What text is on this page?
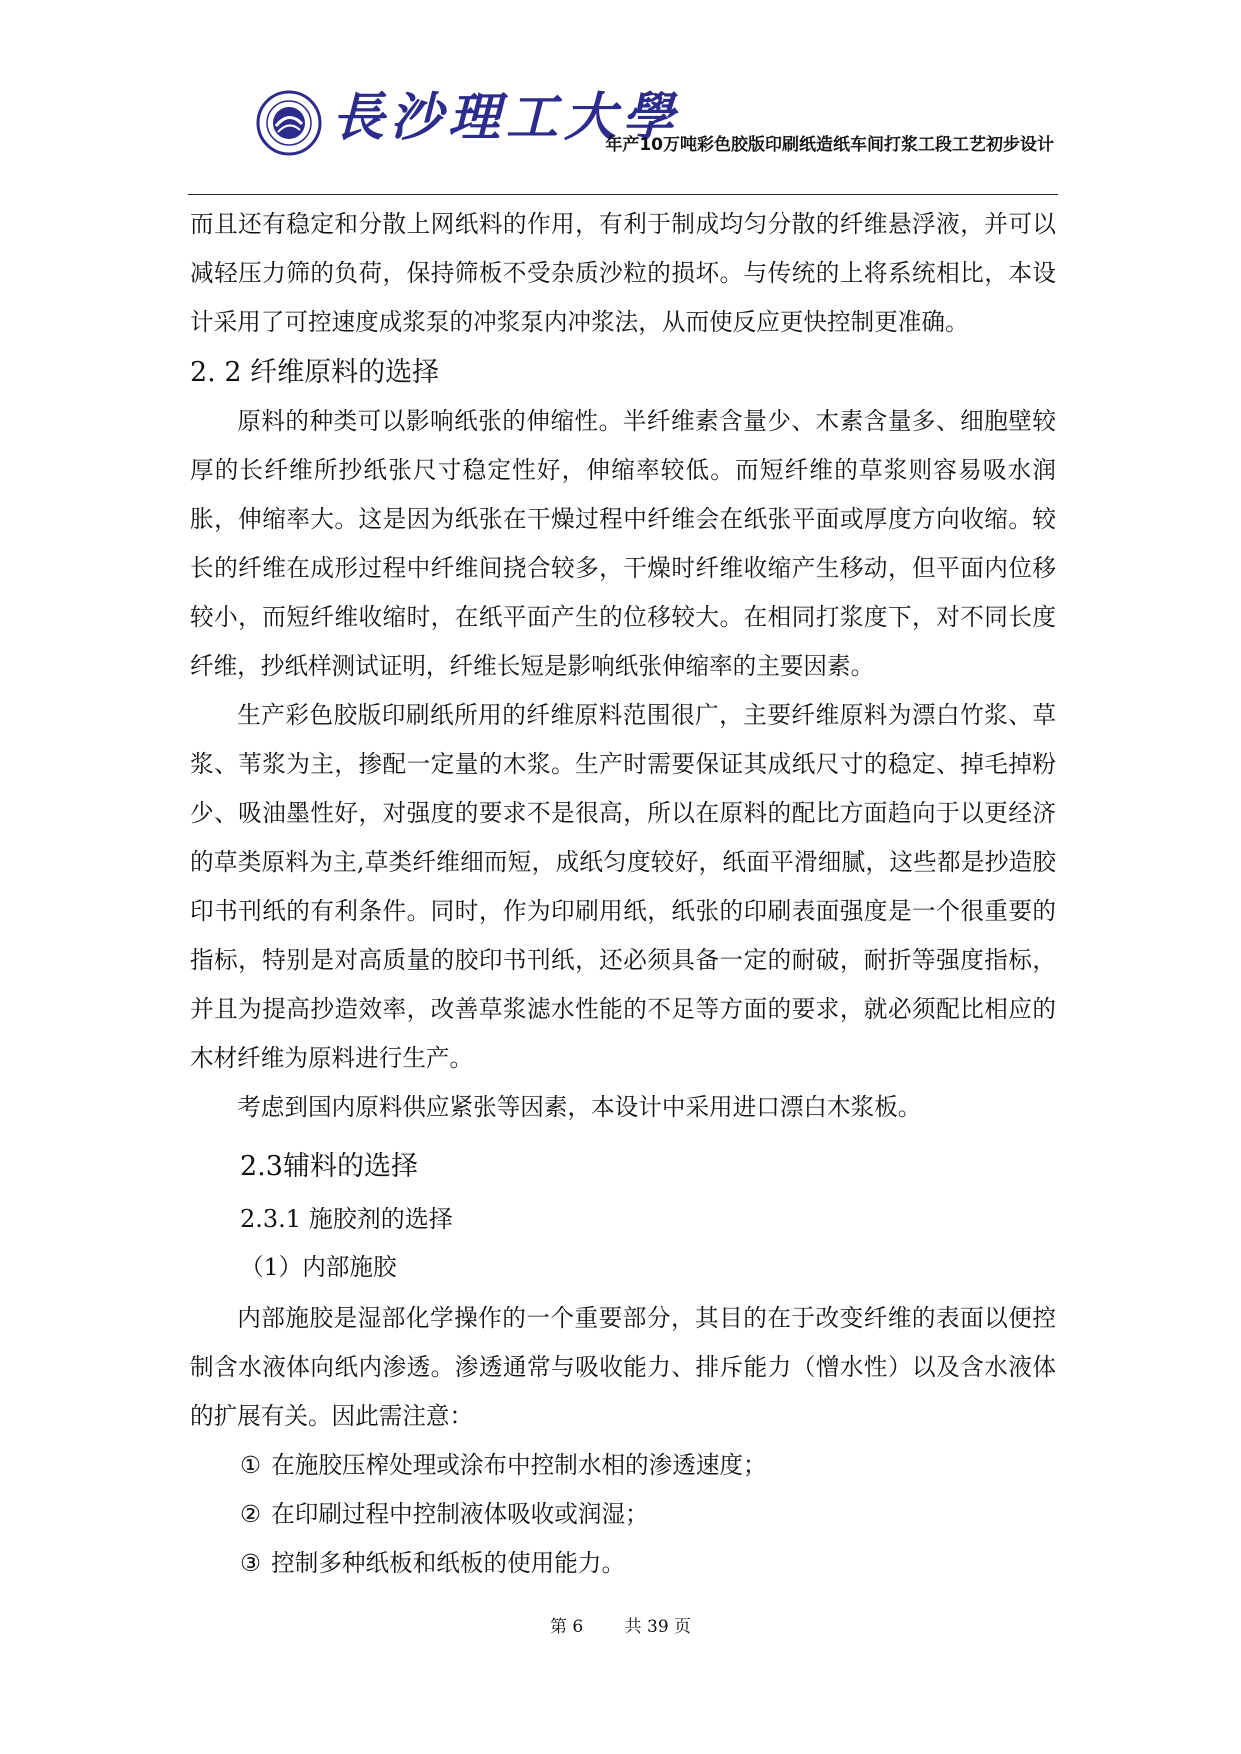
長沙理工大學
年产10万吨彩色胶版印刷纸造纸车间打浆工段工艺初步设计

而且还有稳定和分散上网纸料的作用，有利于制成均匀分散的纤维悬浮液，并可以减轻压力筛的负荷，保持筛板不受杂质沙粒的损坏。与传统的上将系统相比，本设计采用了可控速度成浆泵的冲浆泵内冲浆法，从而使反应更快控制更准确。

2. 2 纤维原料的选择

原料的种类可以影响纸张的伸缩性。半纤维素含量少、木素含量多、细胞壁较厚的长纤维所抄纸张尺寸稳定性好，伸缩率较低。而短纤维的草浆则容易吸水润胀，伸缩率大。这是因为纸张在干燥过程中纤维会在纸张平面或厚度方向收缩。较长的纤维在成形过程中纤维间挠合较多，干燥时纤维收缩产生移动，但平面内位移较小，而短纤维收缩时，在纸平面产生的位移较大。在相同打浆度下，对不同长度纤维，抄纸样测试证明，纤维长短是影响纸张伸缩率的主要因素。

生产彩色胶版印刷纸所用的纤维原料范围很广，主要纤维原料为漂白竹浆、草浆、苇浆为主，掺配一定量的木浆。生产时需要保证其成纸尺寸的稳定、掉毛掉粉少、吸油墨性好，对强度的要求不是很高，所以在原料的配比方面趋向于以更经济的草类原料为主,草类纤维细而短，成纸匀度较好，纸面平滑细腻，这些都是抄造胶印书刊纸的有利条件。同时，作为印刷用纸，纸张的印刷表面强度是一个很重要的指标，特别是对高质量的胶印书刊纸，还必须具备一定的耐破，耐折等强度指标，并且为提高抄造效率，改善草浆滤水性能的不足等方面的要求，就必须配比相应的木材纤维为原料进行生产。

考虑到国内原料供应紧张等因素，本设计中采用进口漂白木浆板。

2.3辅料的选择
2.3.1 施胶剂的选择
（1）内部施胶

内部施胶是湿部化学操作的一个重要部分，其目的在于改变纤维的表面以便控制含水液体向纸内渗透。渗透通常与吸收能力、排斥能力（憎水性）以及含水液体的扩展有关。因此需注意：

① 在施胶压榨处理或涂布中控制水相的渗透速度；
② 在印刷过程中控制液体吸收或润湿；
③ 控制多种纸板和纸板的使用能力。
第 6 共 39 页
